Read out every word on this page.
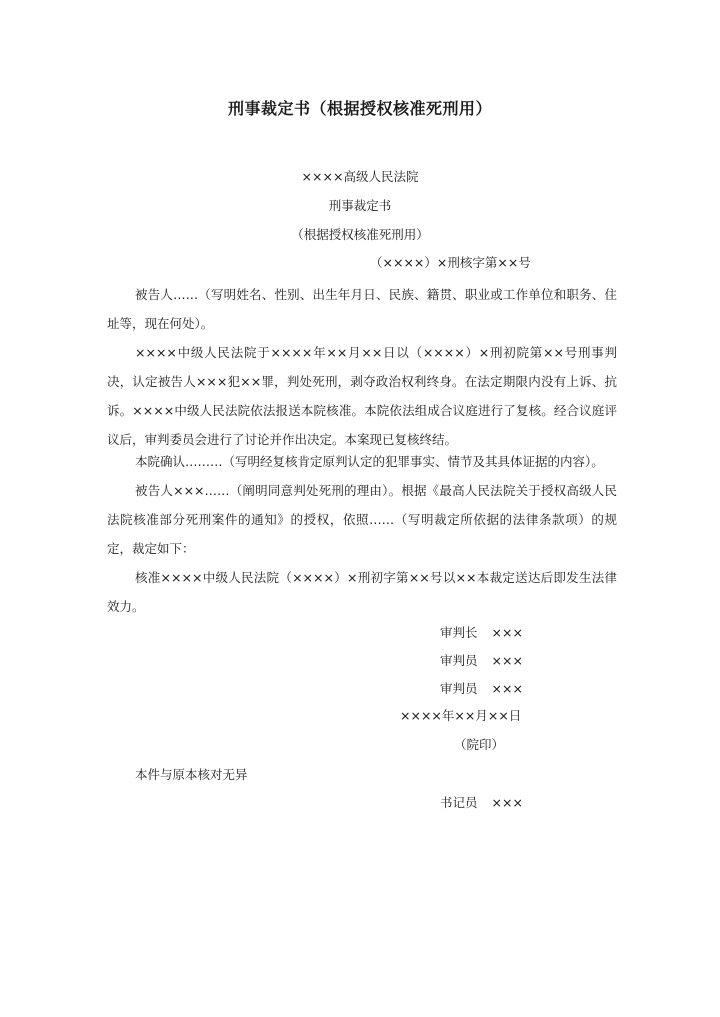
刑事裁定书（根据授权核准死刑用）
××××高级人民法院
刑事裁定书
（根据授权核准死刑用）
（××××）×刑核字第××号
被告人……（写明姓名、性别、出生年月日、民族、籍贯、职业或工作单位和职务、住址等，现在何处）。
××××中级人民法院于××××年××月××日以（××××）×刑初院第××号刑事判决，认定被告人×××犯××罪，判处死刑，剥夺政治权利终身。在法定期限内没有上诉、抗诉。××××中级人民法院依法报送本院核准。本院依法组成合议庭进行了复核。经合议庭评议后，审判委员会进行了讨论并作出决定。本案现已复核终结。
本院确认………（写明经复核肯定原判认定的犯罪事实、情节及其具体证据的内容）。
被告人×××……（阐明同意判处死刑的理由）。根据《最高人民法院关于授权高级人民法院核准部分死刑案件的通知》的授权，依照……（写明裁定所依据的法律条款项）的规定，裁定如下：
核准××××中级人民法院（××××）×刑初字第××号以××本裁定送达后即发生法律效力。
审判长 ×××
审判员 ×××
审判员 ×××
××××年××月××日
（院印）
本件与原本核对无异
书记员 ×××
